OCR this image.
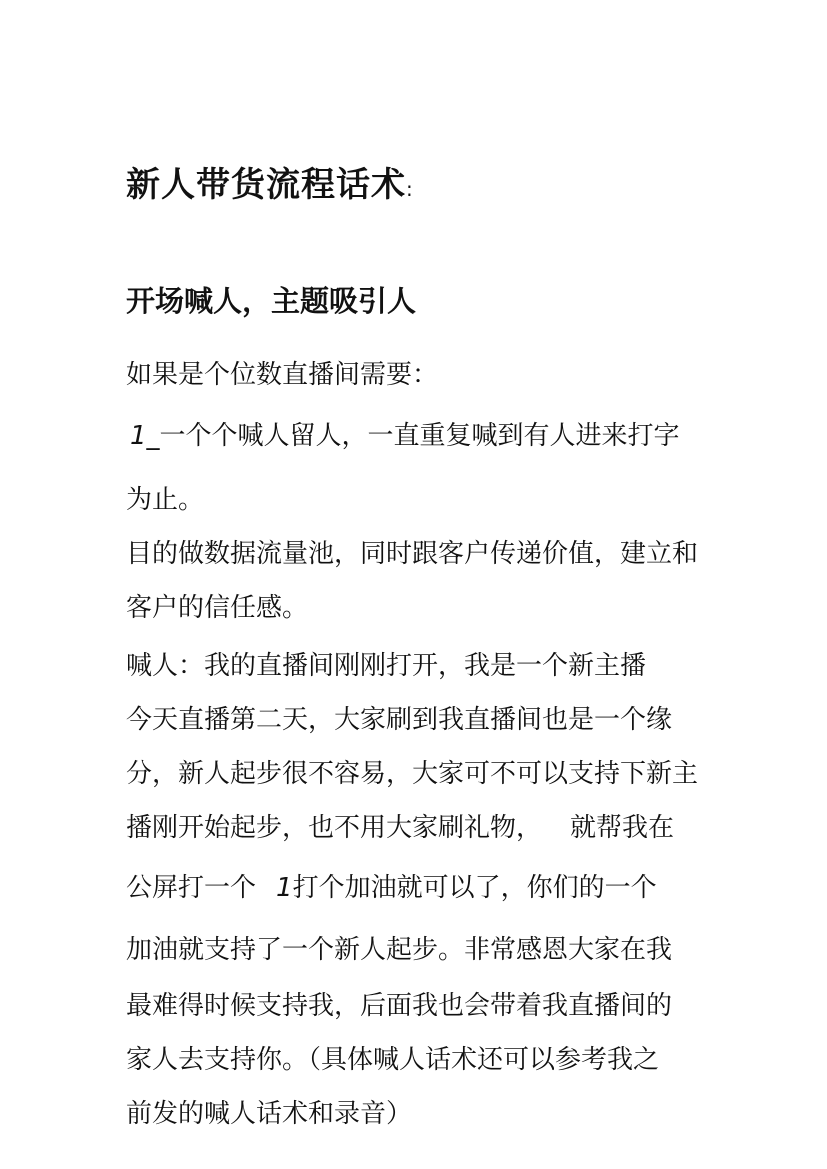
新人带货流程话术:
开场喊人，主题吸引人
如果是个位数直播间需要：
1_一个个喊人留人，一直重复喊到有人进来打字
为止。
目的做数据流量池，同时跟客户传递价值，建立和
客户的信任感。
喊人：我的直播间刚刚打开，我是一个新主播
今天直播第二天，大家刷到我直播间也是一个缘
分，新人起步很不容易，大家可不可以支持下新主
播刚开始起步，也不用大家刷礼物， 就帮我在
公屏打一个 1打个加油就可以了，你们的一个
加油就支持了一个新人起步。非常感恩大家在我
最难得时候支持我，后面我也会带着我直播间的
家人去支持你。（具体喊人话术还可以参考我之
前发的喊人话术和录音）
